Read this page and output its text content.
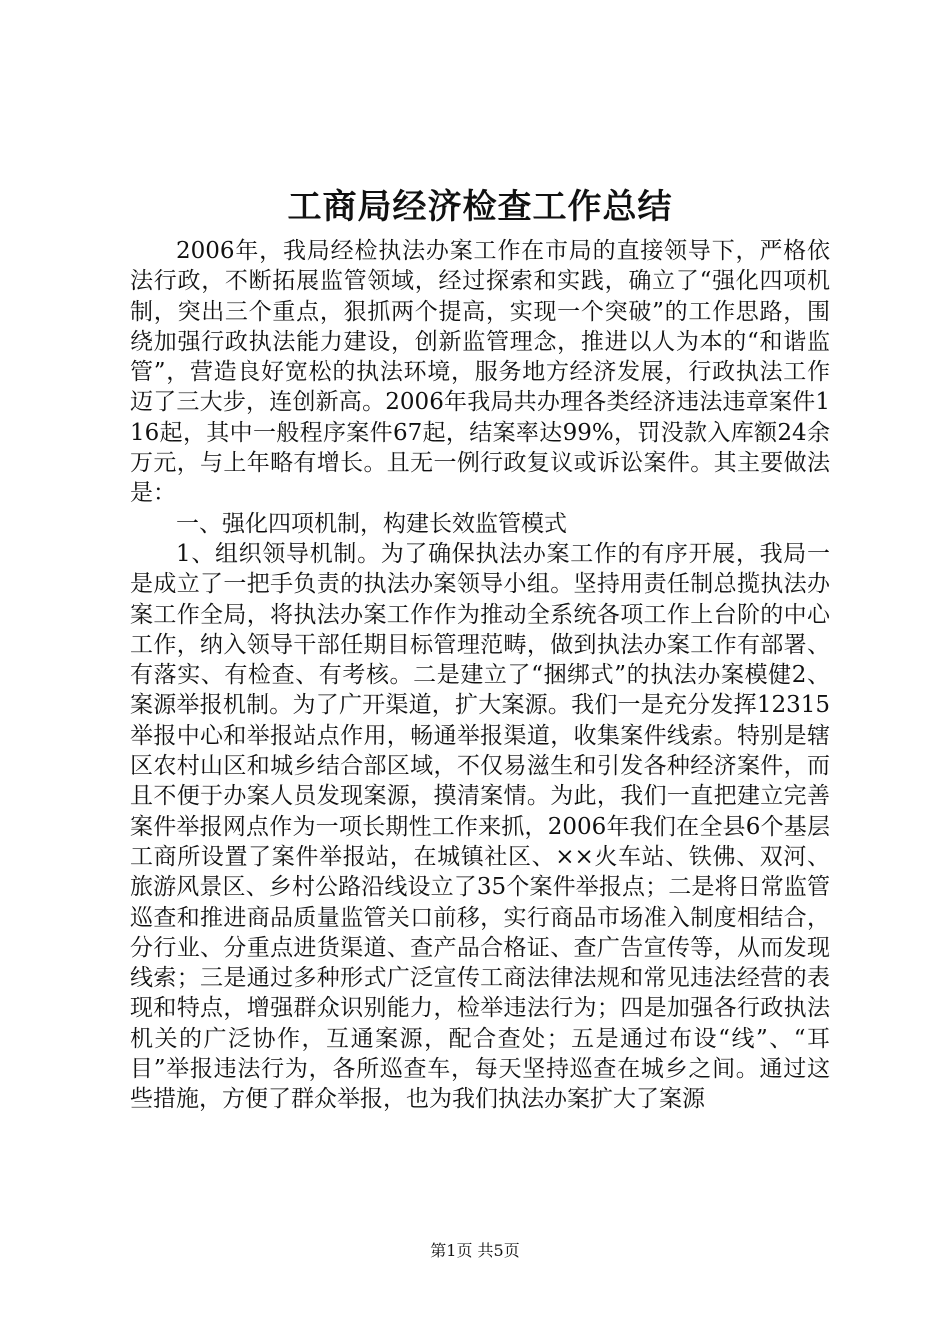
工商局经济检查工作总结

2006年，我局经检执法办案工作在市局的直接领导下，严格依法行政，不断拓展监管领域，经过探索和实践，确立了“强化四项机制，突出三个重点，狠抓两个提高，实现一个突破”的工作思路，围绕加强行政执法能力建设，创新监管理念，推进以人为本的“和谐监管”，营造良好宽松的执法环境，服务地方经济发展，行政执法工作迈了三大步，连创新高。2006年我局共办理各类经济违法违章案件116起，其中一般程序案件67起，结案率达99%，罚没款入库额24余万元，与上年略有增长。且无一例行政复议或诉讼案件。其主要做法是：

一、强化四项机制，构建长效监管模式

1、组织领导机制。为了确保执法办案工作的有序开展，我局一是成立了一把手负责的执法办案领导小组。坚持用责任制总揽执法办案工作全局，将执法办案工作作为推动全系统各项工作上台阶的中心工作，纳入领导干部任期目标管理范畴，做到执法办案工作有部署、有落实、有检查、有考核。二是建立了“捆绑式”的执法办案模健2、案源举报机制。为了广开渠道，扩大案源。我们一是充分发挥12315举报中心和举报站点作用，畅通举报渠道，收集案件线索。特别是辖区农村山区和城乡结合部区域，不仅易滋生和引发各种经济案件，而且不便于办案人员发现案源，摸清案情。为此，我们一直把建立完善案件举报网点作为一项长期性工作来抓，2006年我们在全县6个基层工商所设置了案件举报站，在城镇社区、××火车站、铁佛、双河、旅游风景区、乡村公路沿线设立了35个案件举报点；二是将日常监管巡查和推进商品质量监管关口前移，实行商品市场准入制度相结合，分行业、分重点进货渠道、查产品合格证、查广告宣传等，从而发现线索；三是通过多种形式广泛宣传工商法律法规和常见违法经营的表现和特点，增强群众识别能力，检举违法行为；四是加强各行政执法机关的广泛协作，互通案源，配合查处；五是通过布设“线”、“耳目”举报违法行为，各所巡查车，每天坚持巡查在城乡之间。通过这些措施，方便了群众举报，也为我们执法办案扩大了案源

第1页 共5页
